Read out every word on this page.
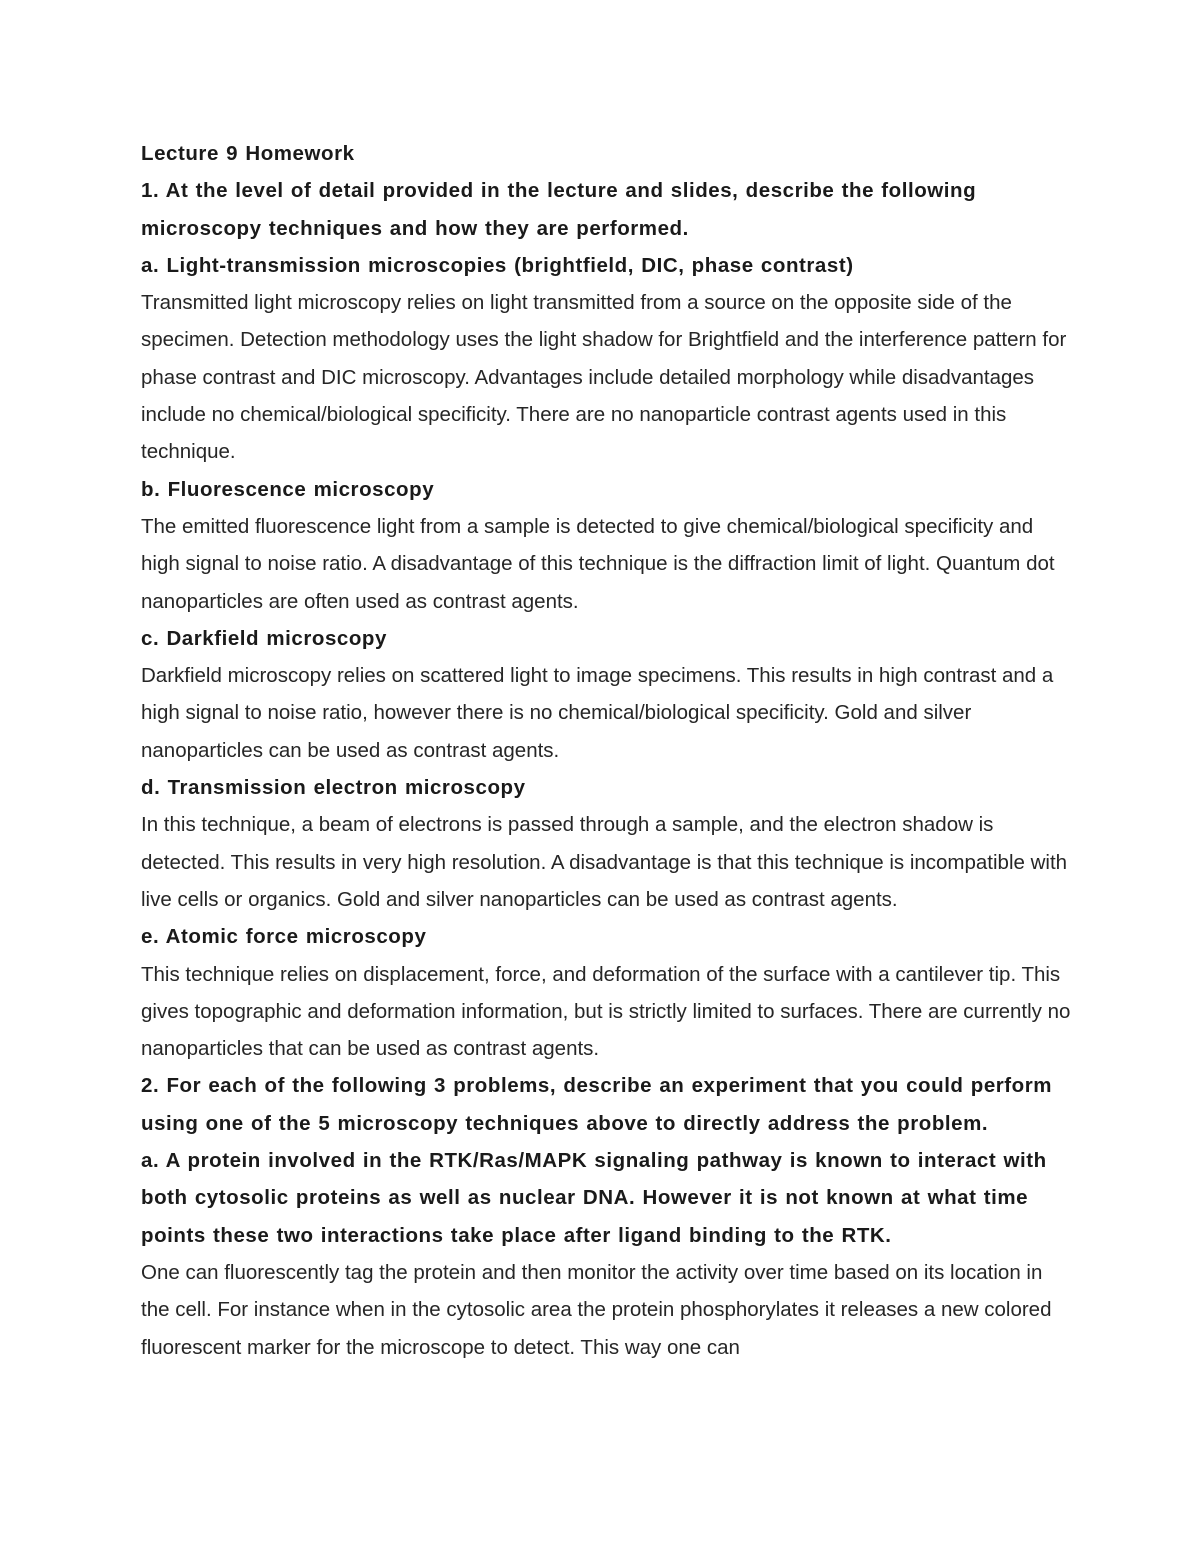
Lecture 9 Homework

1. At the level of detail provided in the lecture and slides, describe the following microscopy techniques and how they are performed.

a. Light-transmission microscopies (brightfield, DIC, phase contrast)

Transmitted light microscopy relies on light transmitted from a source on the opposite side of the specimen. Detection methodology uses the light shadow for Brightfield and the interference pattern for phase contrast and DIC microscopy. Advantages include detailed morphology while disadvantages include no chemical/biological specificity. There are no nanoparticle contrast agents used in this technique.

b. Fluorescence microscopy

The emitted fluorescence light from a sample is detected to give chemical/biological specificity and high signal to noise ratio. A disadvantage of this technique is the diffraction limit of light. Quantum dot nanoparticles are often used as contrast agents.

c. Darkfield microscopy

Darkfield microscopy relies on scattered light to image specimens. This results in high contrast and a high signal to noise ratio, however there is no chemical/biological specificity. Gold and silver nanoparticles can be used as contrast agents.

d. Transmission electron microscopy

In this technique, a beam of electrons is passed through a sample, and the electron shadow is detected. This results in very high resolution. A disadvantage is that this technique is incompatible with live cells or organics. Gold and silver nanoparticles can be used as contrast agents.

e. Atomic force microscopy

This technique relies on displacement, force, and deformation of the surface with a cantilever tip. This gives topographic and deformation information, but is strictly limited to surfaces. There are currently no nanoparticles that can be used as contrast agents.

2. For each of the following 3 problems, describe an experiment that you could perform using one of the 5 microscopy techniques above to directly address the problem.

a. A protein involved in the RTK/Ras/MAPK signaling pathway is known to interact with both cytosolic proteins as well as nuclear DNA. However it is not known at what time points these two interactions take place after ligand binding to the RTK.

One can fluorescently tag the protein and then monitor the activity over time based on its location in the cell. For instance when in the cytosolic area the protein phosphorylates it releases a new colored fluorescent marker for the microscope to detect. This way one can
